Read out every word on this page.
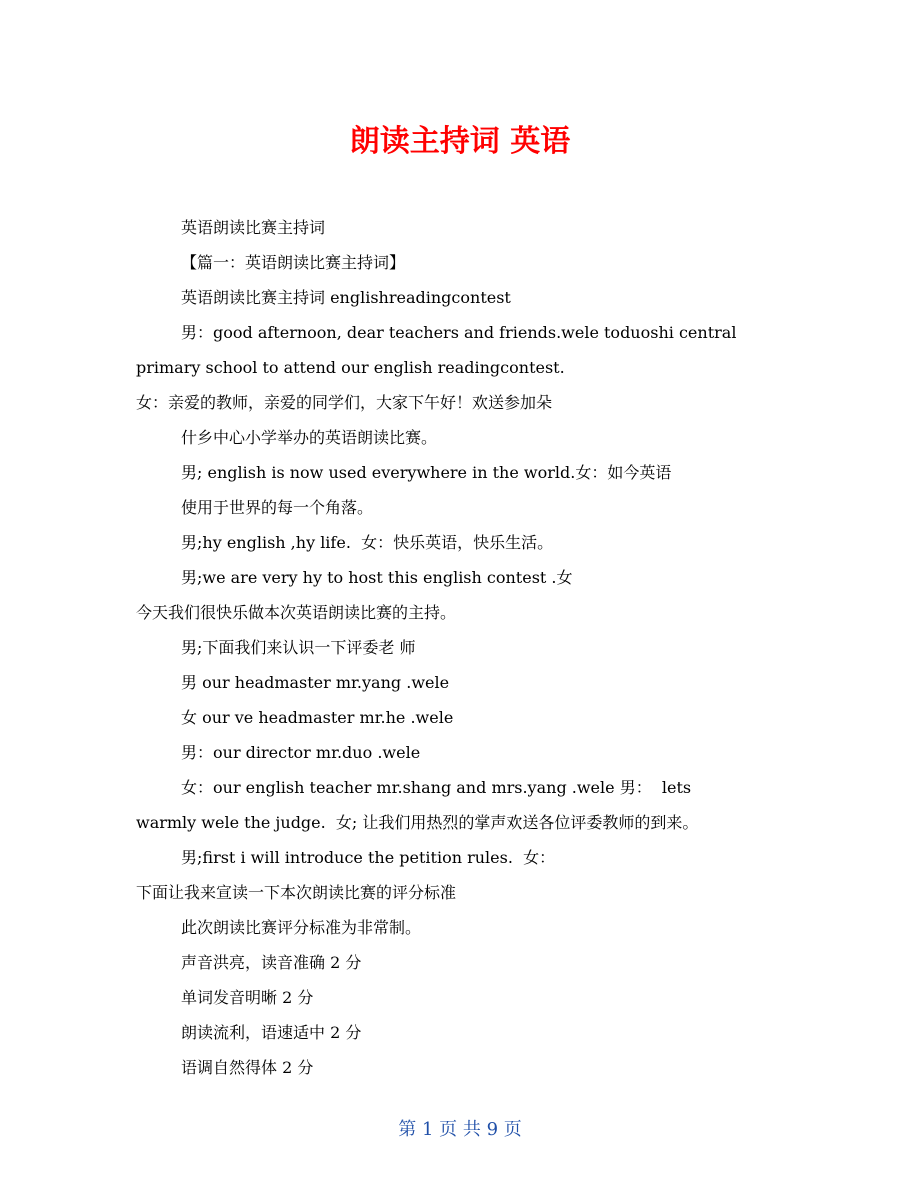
朗读主持词 英语
英语朗读比赛主持词
【篇一：英语朗读比赛主持词】
英语朗读比赛主持词 englishreadingcontest
男：good afternoon, dear teachers and friends.wele toduoshi central
primary school to attend our english readingcontest.
女：亲爱的教师，亲爱的同学们，大家下午好！欢送参加朵
什乡中心小学举办的英语朗读比赛。
男; english is now used everywhere in the world.女：如今英语
使用于世界的每一个角落。
男;hy english ,hy life.  女：快乐英语，快乐生活。
男;we are very hy to host this english contest .女
今天我们很快乐做本次英语朗读比赛的主持。
男;下面我们来认识一下评委老 师
男 our headmaster mr.yang .wele
女 our ve headmaster mr.he .wele
男：our director mr.duo .wele
女：our english teacher mr.shang and mrs.yang .wele 男：  lets
warmly wele the judge.  女; 让我们用热烈的掌声欢送各位评委教师的到来。
男;first i will introduce the petition rules.  女：
下面让我来宣读一下本次朗读比赛的评分标准
此次朗读比赛评分标准为非常制。
声音洪亮，读音准确 2 分
单词发音明晰 2 分
朗读流利，语速适中 2 分
语调自然得体 2 分
第 1 页 共 9 页
